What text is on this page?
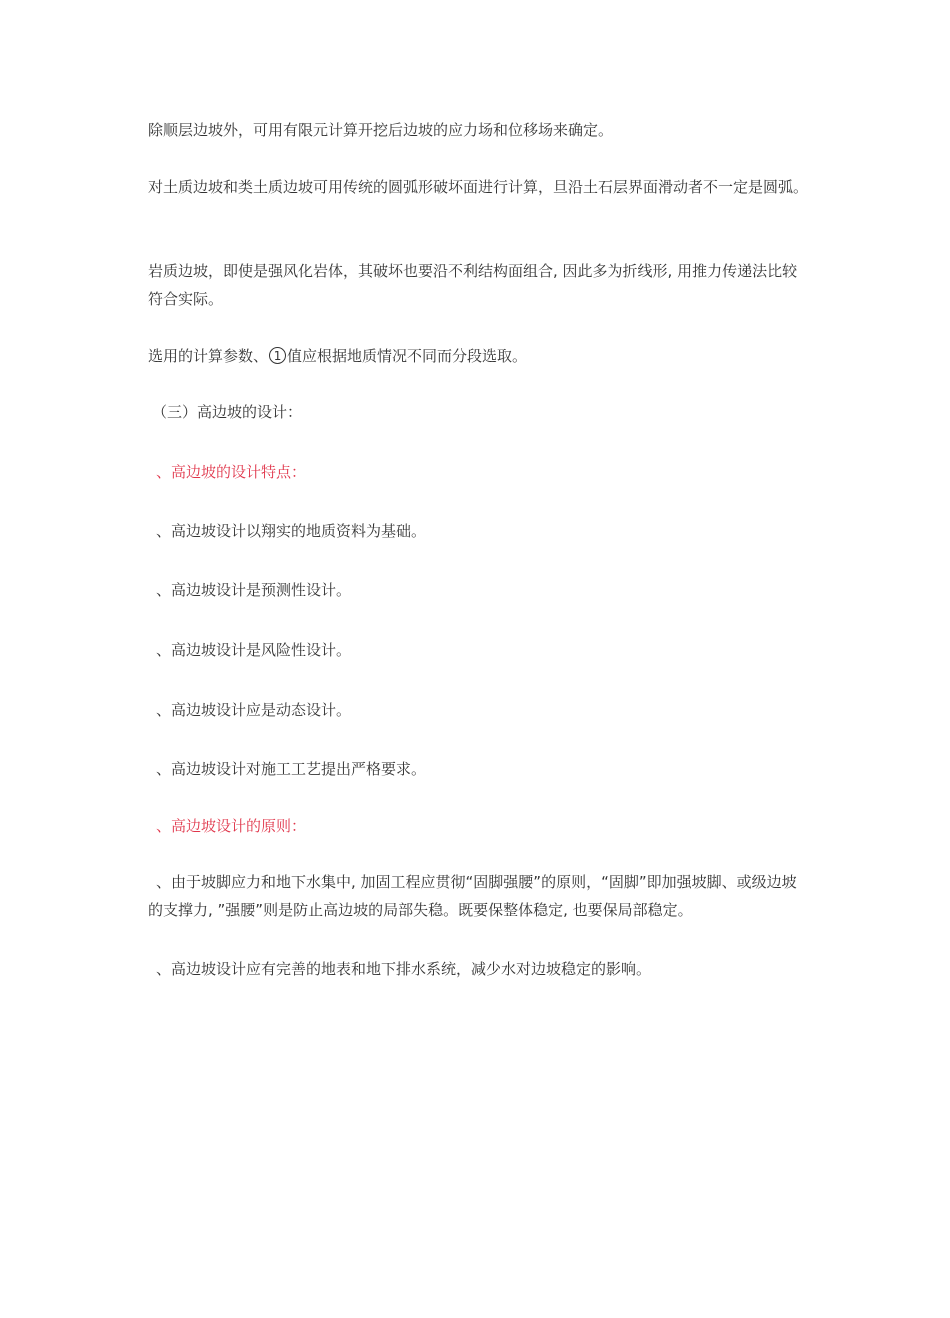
除顺层边坡外，可用有限元计算开挖后边坡的应力场和位移场来确定。

对土质边坡和类土质边坡可用传统的圆弧形破坏面进行计算，旦沿土石层界面滑动者不一定是圆弧。

岩质边坡，即使是强风化岩体，其破坏也要沿不利结构面组合, 因此多为折线形, 用推力传递法比较符合实际。

选用的计算参数、 1 值应根据地质情况不同而分段选取。

（三）高边坡的设计：

、高边坡的设计特点：

、高边坡设计以翔实的地质资料为基础。

、高边坡设计是预测性设计。

、高边坡设计是风险性设计。

、高边坡设计应是动态设计。

、高边坡设计对施工工艺提出严格要求。

、高边坡设计的原则：

、由于坡脚应力和地下水集中, 加固工程应贯彻“固脚强腰”的原则，“固脚”即加强坡脚、或级边坡的支撑力, ”强腰”则是防止高边坡的局部失稳。既要保整体稳定, 也要保局部稳定。

、高边坡设计应有完善的地表和地下排水系统，减少水对边坡稳定的影响。
